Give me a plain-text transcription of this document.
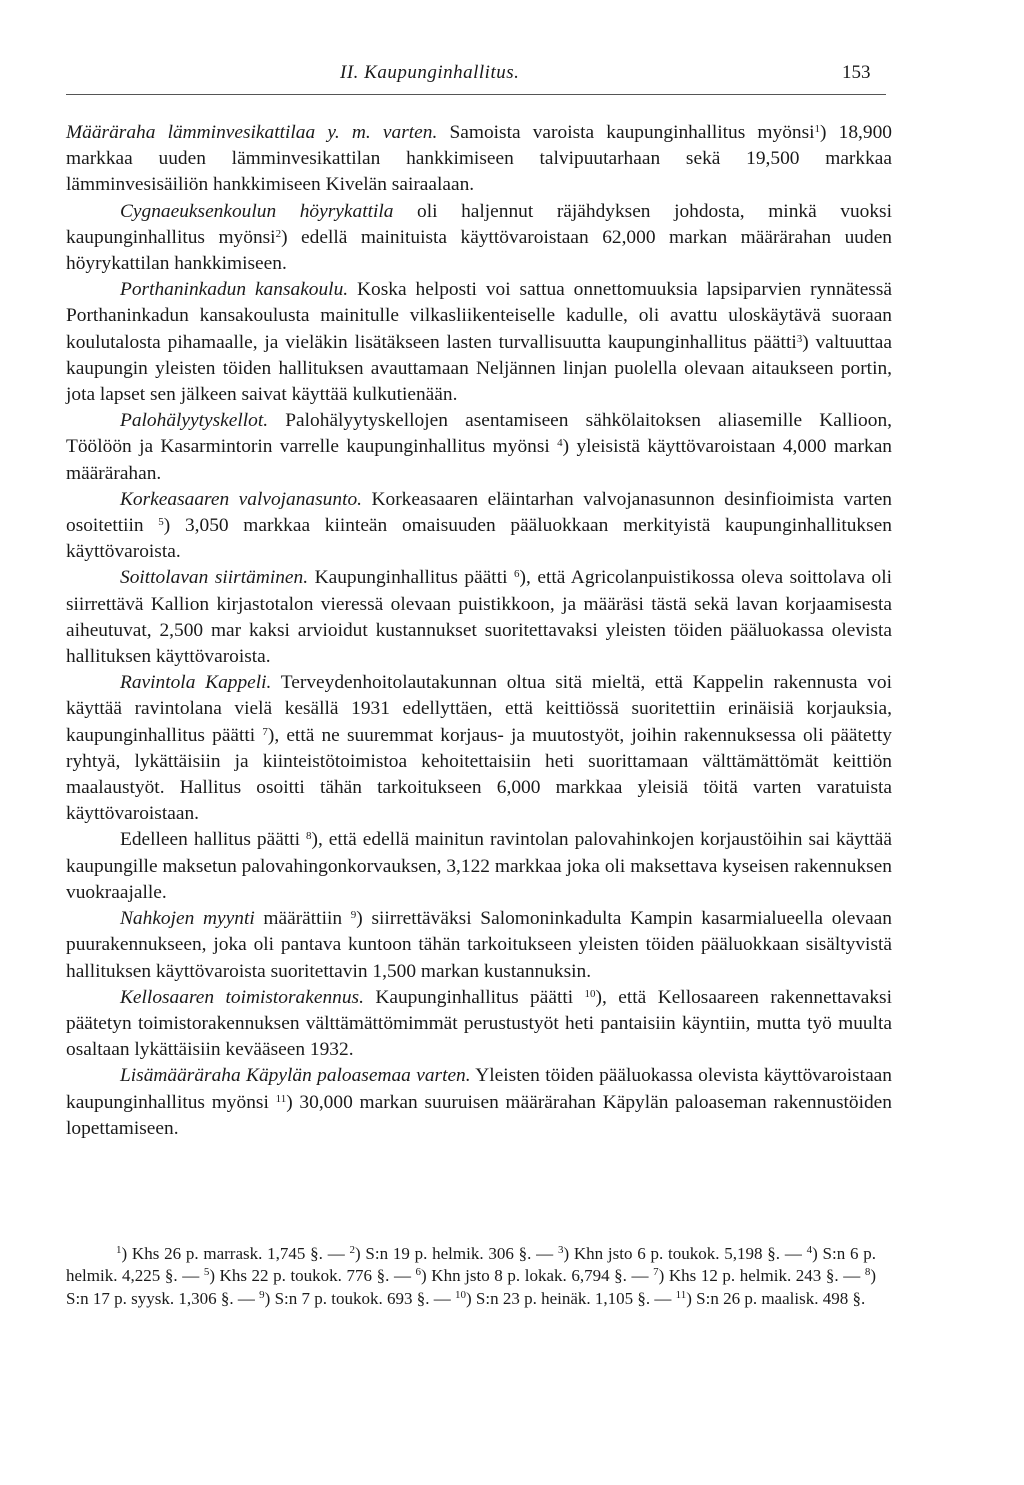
II. Kaupunginhallitus.	153

Määräraha lämminvesikattilaa y. m. varten. Samoista varoista kaupunginhallitus myönsi$^1$) 18,900 markkaa uuden lämminvesikattilan hankkimiseen talvipuutarhaan sekä 19,500 markkaa lämminvesisäiliön hankkimiseen Kivelän sairaalaan.

Cygnaeuksenkoulun höyrykattila oli haljennut räjähdyksen johdosta, minkä vuoksi kaupunginhallitus myönsi$^2$) edellä mainituista käyttövaroistaan 62,000 markan määrärahan uuden höyrykattilan hankkimiseen.

Porthaninkadun kansakoulu. Koska helposti voi sattua onnettomuuksia lapsiparvien rynnätessä Porthaninkadun kansakoulusta mainitulle vilkasliikenteiselle kadulle, oli avattu uloskäytävä suoraan koulutalosta pihamaalle, ja vieläkin lisätäkseen lasten turvallisuutta kaupunginhallitus päätti$^3$) valtuuttaa kaupungin yleisten töiden hallituksen avauttamaan Neljännen linjan puolella olevaan aitaukseen portin, jota lapset sen jälkeen saivat käyttää kulkutienään.

Palohälyytyskellot. Palohälyytyskellojen asentamiseen sähkölaitoksen aliasemille Kallioon, Töölöön ja Kasarmintorin varrelle kaupunginhallitus myönsi $^4$) yleisistä käyttövaroistaan 4,000 markan määrärahan.

Korkeasaaren valvojanasunto. Korkeasaaren eläintarhan valvojanasunnon desinfioimista varten osoitettiin $^5$) 3,050 markkaa kiinteän omaisuuden pääluokkaan merkityistä kaupunginhallituksen käyttövaroista.

Soittolavan siirtäminen. Kaupunginhallitus päätti $^6$), että Agricolanpuistikossa oleva soittolava oli siirrettävä Kallion kirjastotalon vieressä olevaan puistikkoon, ja määräsi tästä sekä lavan korjaamisesta aiheutuvat, 2,500 mar kaksi arvioidut kustannukset suoritettavaksi yleisten töiden pääluokassa olevista hallituksen käyttövaroista.

Ravintola Kappeli. Terveydenhoitolautakunnan oltua sitä mieltä, että Kappelin rakennusta voi käyttää ravintolana vielä kesällä 1931 edellyttäen, että keittiössä suoritettiin erinäisiä korjauksia, kaupunginhallitus päätti $^7$), että ne suuremmat korjaus- ja muutostyöt, joihin rakennuksessa oli päätetty ryhtyä, lykättäisiin ja kiinteistötoimistoa kehoitettaisiin heti suorittamaan välttämättömät keittiön maalaustyöt. Hallitus osoitti tähän tarkoitukseen 6,000 markkaa yleisiä töitä varten varatuista käyttövaroistaan.

Edelleen hallitus päätti $^8$), että edellä mainitun ravintolan palovahinkojen korjaustöihin sai käyttää kaupungille maksetun palovahingonkorvauksen, 3,122 markkaa joka oli maksettava kyseisen rakennuksen vuokraajalle.

Nahkojen myynti määrättiin $^9$) siirrettäväksi Salomoninkadulta Kampin kasarmialueella olevaan puurakennukseen, joka oli pantava kuntoon tähän tarkoitukseen yleisten töiden pääluokkaan sisältyvistä hallituksen käyttövaroista suoritettavin 1,500 markan kustannuksin.

Kellosaaren toimistorakennus. Kaupunginhallitus päätti $^{10}$), että Kellosaareen rakennettavaksi päätetyn toimistorakennuksen välttämättömimmät perustustyöt heti pantaisiin käyntiin, mutta työ muulta osaltaan lykättäisiin kevääseen 1932.

Lisämääräraha Käpylän paloasemaa varten. Yleisten töiden pääluokassa olevista käyttövaroistaan kaupunginhallitus myönsi $^{11}$) 30,000 markan suuruisen määrärahan Käpylän paloaseman rakennustöiden lopettamiseen.

$^1$) Khs 26 p. marrask. 1,745 §. — $^2$) S:n 19 p. helmik. 306 §. — $^3$) Khn jsto 6 p. toukok. 5,198 §. — $^4$) S:n 6 p. helmik. 4,225 §. — $^5$) Khs 22 p. toukok. 776 §. — $^6$) Khn jsto 8 p. lokak. 6,794 §. — $^7$) Khs 12 p. helmik. 243 §. — $^8$) S:n 17 p. syysk. 1,306 §. — $^9$) S:n 7 p. toukok. 693 §. — $^{10}$) S:n 23 p. heinäk. 1,105 §. — $^{11}$) S:n 26 p. maalisk. 498 §.
